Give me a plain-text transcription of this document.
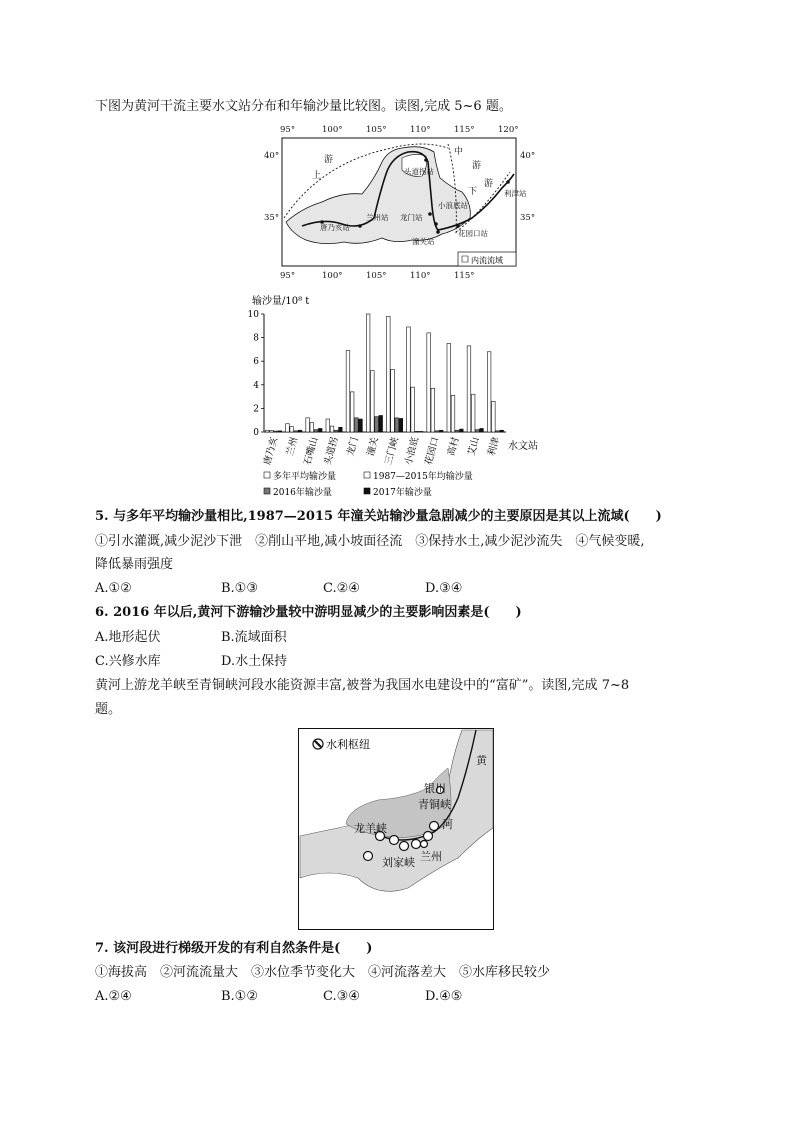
下图为黄河干流主要水文站分布和年输沙量比较图。读图,完成 5~6 题。
95°	100°	105°	110°	115°	120°
40°
35°
40°
35°
上
游
中
游
下
游
头道拐站
唐乃亥站
兰州站 龙门站
小浪底站
潼关站
花园口站
利津站
内流流域
95°	100°	105°	110°	115°
输沙量/10⁸ t
0
2
4
6
8
10
唐乃亥 兰州 石嘴山 头道拐 龙门 潼关 三门峡 小浪底 花园口 高村 艾山 利津 水文站
多年平均输沙量	1987—2015年均输沙量
2016年输沙量	2017年输沙量
5. 与多年平均输沙量相比,1987—2015 年潼关站输沙量急剧减少的主要原因是其以上流域(　　)
①引水灌溉,减少泥沙下泄　②削山平地,减小坡面径流　③保持水土,减少泥沙流失　④气候变暖,
降低暴雨强度
A.①②	B.①③	C.②④	D.③④
6. 2016 年以后,黄河下游输沙量较中游明显减少的主要影响因素是(　　)
A.地形起伏	B.流域面积
C.兴修水库	D.水土保持
黄河上游龙羊峡至青铜峡河段水能资源丰富,被誉为我国水电建设中的“富矿”。读图,完成 7~8
题。
水利枢纽
银川
青铜峡
龙羊峡
刘家峡 兰州
河
黄
7. 该河段进行梯级开发的有利自然条件是(　　)
①海拔高　②河流流量大　③水位季节变化大　④河流落差大　⑤水库移民较少
A.②④	B.①②	C.③④	D.④⑤
